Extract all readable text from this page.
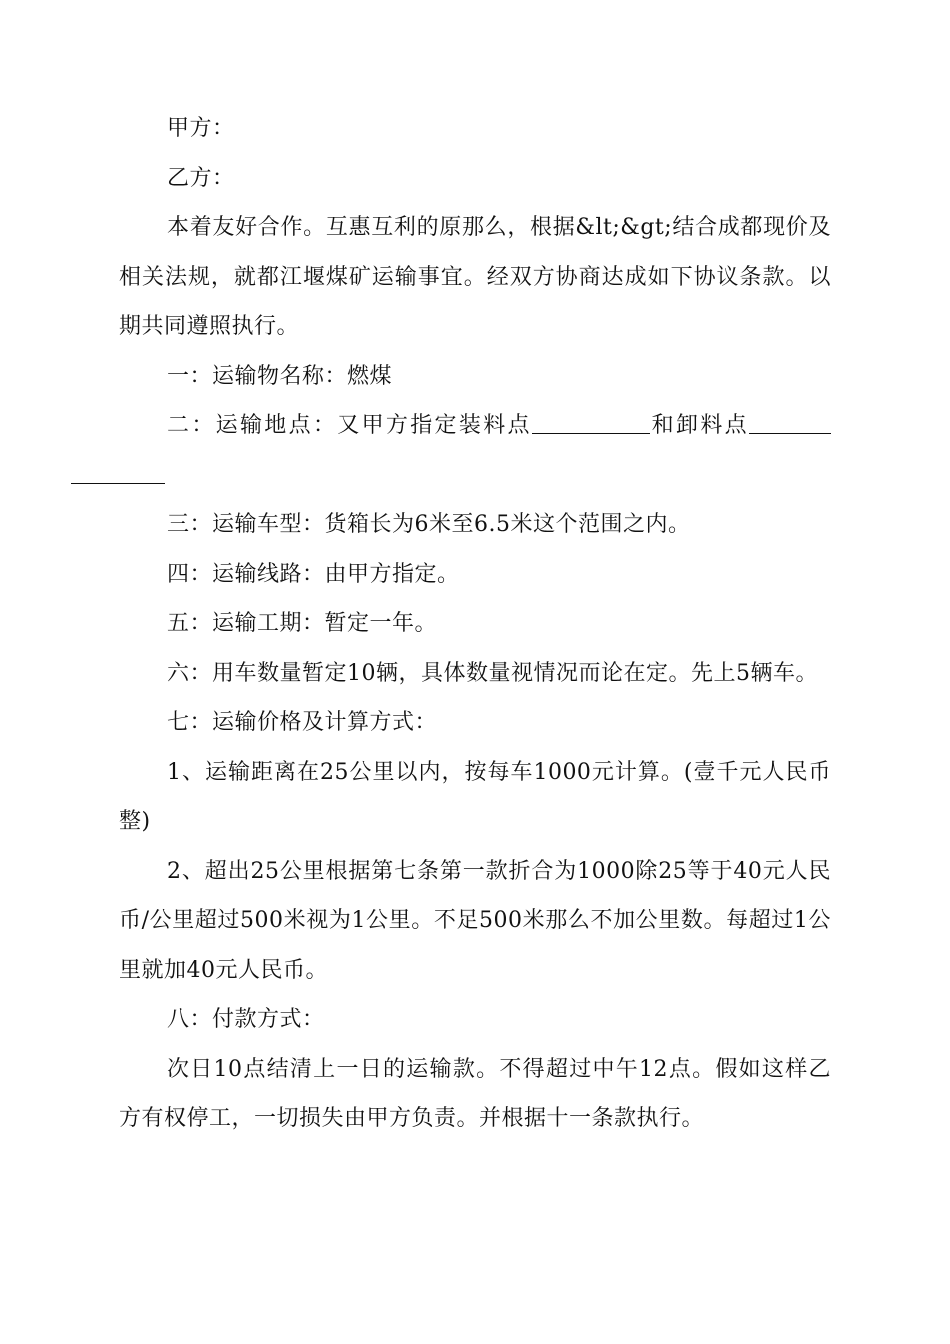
甲方：

乙方：

本着友好合作。互惠互利的原那么，根据&lt;&gt;结合成都现价及相关法规，就都江堰煤矿运输事宜。经双方协商达成如下协议条款。以期共同遵照执行。

一：运输物名称：燃煤

二：运输地点：又甲方指定装料点	和卸料点

三：运输车型：货箱长为6米至6.5米这个范围之内。

四：运输线路：由甲方指定。

五：运输工期：暂定一年。

六：用车数量暂定10辆，具体数量视情况而论在定。先上5辆车。

七：运输价格及计算方式：

1、运输距离在25公里以内，按每车1000元计算。(壹千元人民币整)

2、超出25公里根据第七条第一款折合为1000除25等于40元人民币/公里超过500米视为1公里。不足500米那么不加公里数。每超过1公里就加40元人民币。

八：付款方式：

次日10点结清上一日的运输款。不得超过中午12点。假如这样乙方有权停工，一切损失由甲方负责。并根据十一条款执行。
